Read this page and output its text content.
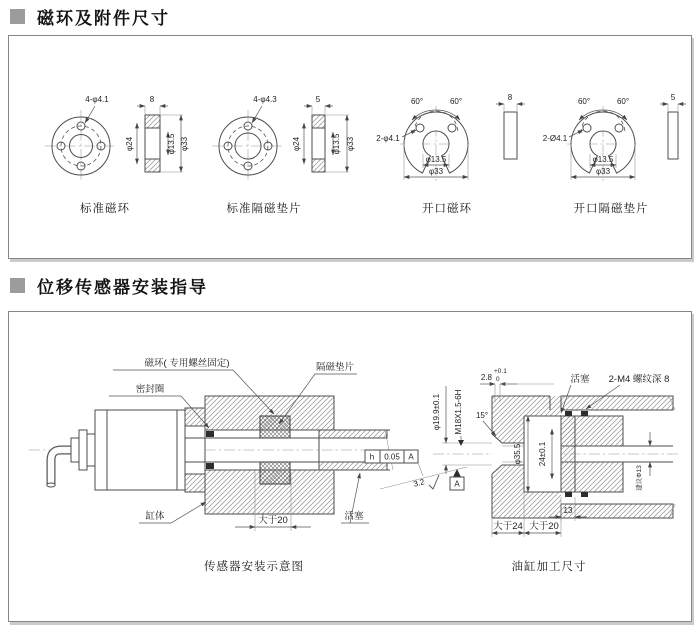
磁环及附件尺寸
4-φ4.1	8
φ24	φ13.5 φ33
标准磁环
4-φ4.3	5
φ24	φ13.5 φ33
标准隔磁垫片
60°	60°
2-φ4.1
φ13.5
φ33
8
开口磁环
60°	60°
2-Ø4.1
φ13.5
φ33
5
开口隔磁垫片
位移传感器安装指导
磁环( 专用螺丝固定)
密封圈
隔磁垫片
缸体	活塞
大于20
h 0.05 A
传感器安装示意图
2.8
+0.1
0
φ19.9±0.1 M18X1.5-6H 15°
3.2	A
φ35.5 24±0.1
活塞 2-M4 螺纹深 8
建议Φ13
13
大于24 大于20
油缸加工尺寸
